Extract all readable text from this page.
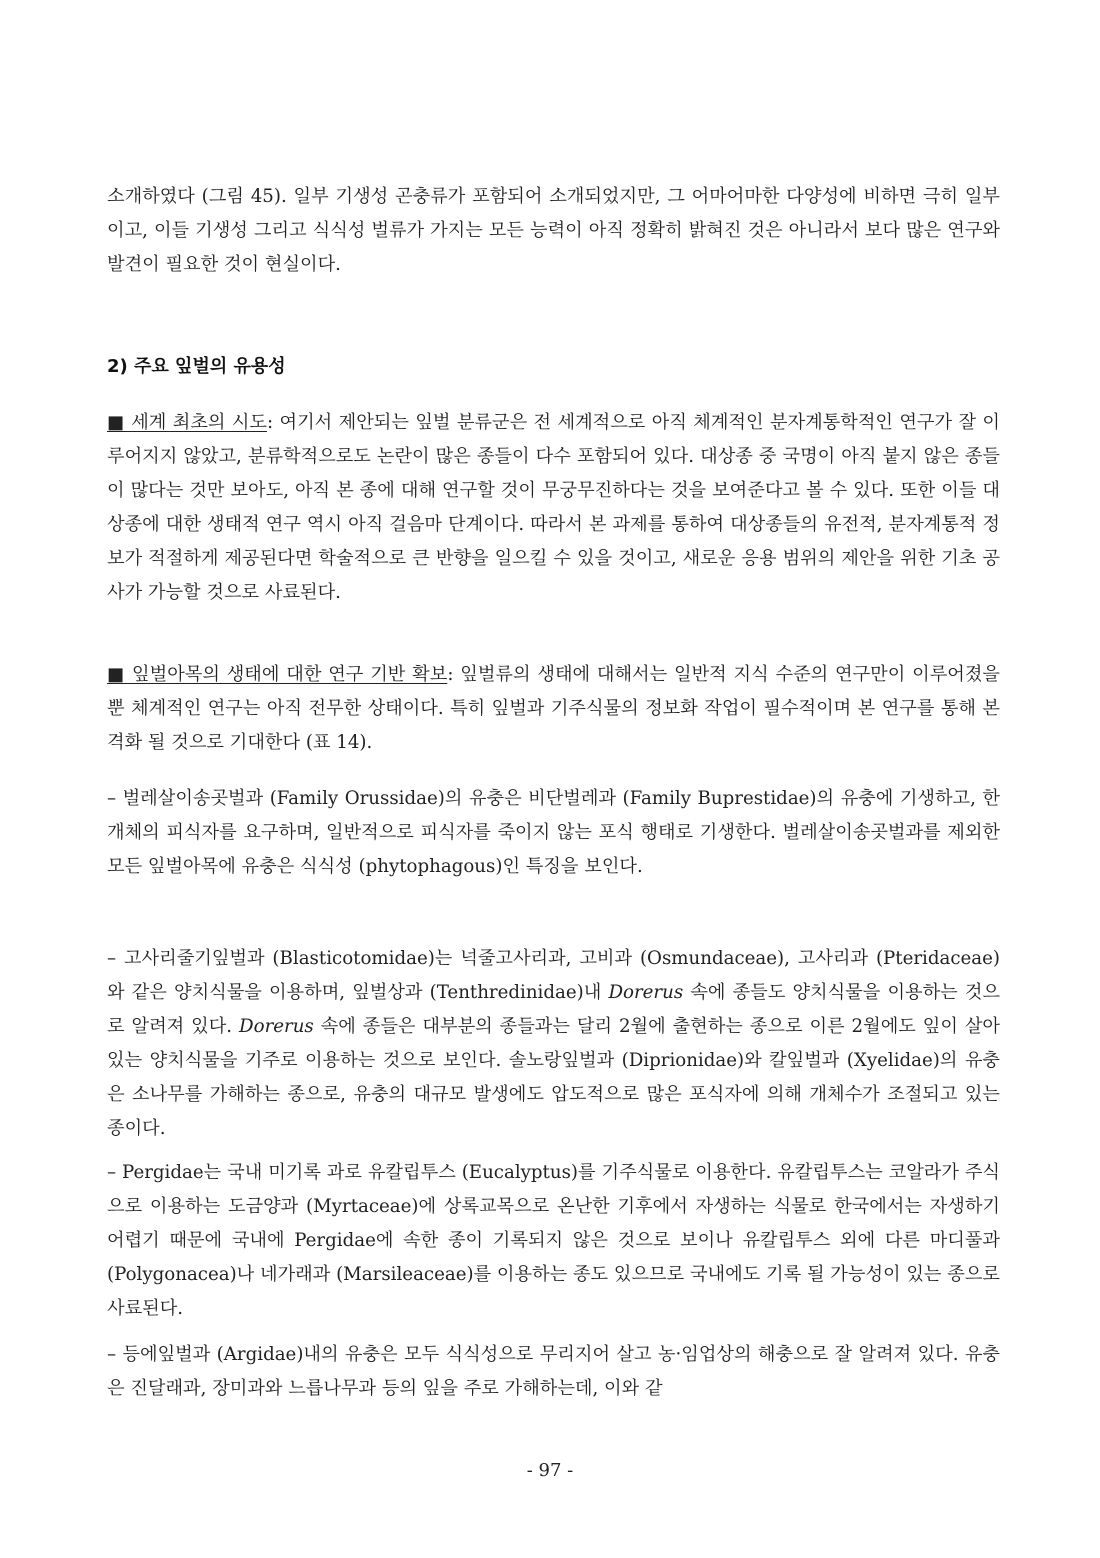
소개하였다 (그림 45). 일부 기생성 곤충류가 포함되어 소개되었지만, 그 어마어마한 다양성에 비하면 극히 일부이고, 이들 기생성 그리고 식식성 벌류가 가지는 모든 능력이 아직 정확히 밝혀진 것은 아니라서 보다 많은 연구와 발견이 필요한 것이 현실이다.
2) 주요 잎벌의 유용성
■ 세계 최초의 시도: 여기서 제안되는 잎벌 분류군은 전 세계적으로 아직 체계적인 분자계통학적인 연구가 잘 이루어지지 않았고, 분류학적으로도 논란이 많은 종들이 다수 포함되어 있다. 대상종 중 국명이 아직 붙지 않은 종들이 많다는 것만 보아도, 아직 본 종에 대해 연구할 것이 무궁무진하다는 것을 보여준다고 볼 수 있다. 또한 이들 대상종에 대한 생태적 연구 역시 아직 걸음마 단계이다. 따라서 본 과제를 통하여 대상종들의 유전적, 분자계통적 정보가 적절하게 제공된다면 학술적으로 큰 반향을 일으킬 수 있을 것이고, 새로운 응용 범위의 제안을 위한 기초 공사가 가능할 것으로 사료된다.
■ 잎벌아목의 생태에 대한 연구 기반 확보: 잎벌류의 생태에 대해서는 일반적 지식 수준의 연구만이 이루어졌을 뿐 체계적인 연구는 아직 전무한 상태이다. 특히 잎벌과 기주식물의 정보화 작업이 필수적이며 본 연구를 통해 본격화 될 것으로 기대한다 (표 14).
– 벌레살이송곳벌과 (Family Orussidae)의 유충은 비단벌레과 (Family Buprestidae)의 유충에 기생하고, 한 개체의 피식자를 요구하며, 일반적으로 피식자를 죽이지 않는 포식 행태로 기생한다. 벌레살이송곳벌과를 제외한 모든 잎벌아목에 유충은 식식성 (phytophagous)인 특징을 보인다.
– 고사리줄기잎벌과 (Blasticotomidae)는 넉줄고사리과, 고비과 (Osmundaceae), 고사리과 (Pteridaceae)와 같은 양치식물을 이용하며, 잎벌상과 (Tenthredinidae)내 Dorerus 속에 종들도 양치식물을 이용하는 것으로 알려져 있다. Dorerus 속에 종들은 대부분의 종들과는 달리 2월에 출현하는 종으로 이른 2월에도 잎이 살아 있는 양치식물을 기주로 이용하는 것으로 보인다. 솔노랑잎벌과 (Diprionidae)와 칼잎벌과 (Xyelidae)의 유충은 소나무를 가해하는 종으로, 유충의 대규모 발생에도 압도적으로 많은 포식자에 의해 개체수가 조절되고 있는 종이다.
– Pergidae는 국내 미기록 과로 유칼립투스 (Eucalyptus)를 기주식물로 이용한다. 유칼립투스는 코알라가 주식으로 이용하는 도금양과 (Myrtaceae)에 상록교목으로 온난한 기후에서 자생하는 식물로 한국에서는 자생하기 어렵기 때문에 국내에 Pergidae에 속한 종이 기록되지 않은 것으로 보이나 유칼립투스 외에 다른 마디풀과 (Polygonacea)나 네가래과 (Marsileaceae)를 이용하는 종도 있으므로 국내에도 기록 될 가능성이 있는 종으로 사료된다.
– 등에잎벌과 (Argidae)내의 유충은 모두 식식성으로 무리지어 살고 농·임업상의 해충으로 잘 알려져 있다. 유충은 진달래과, 장미과와 느릅나무과 등의 잎을 주로 가해하는데, 이와 같
- 97 -
